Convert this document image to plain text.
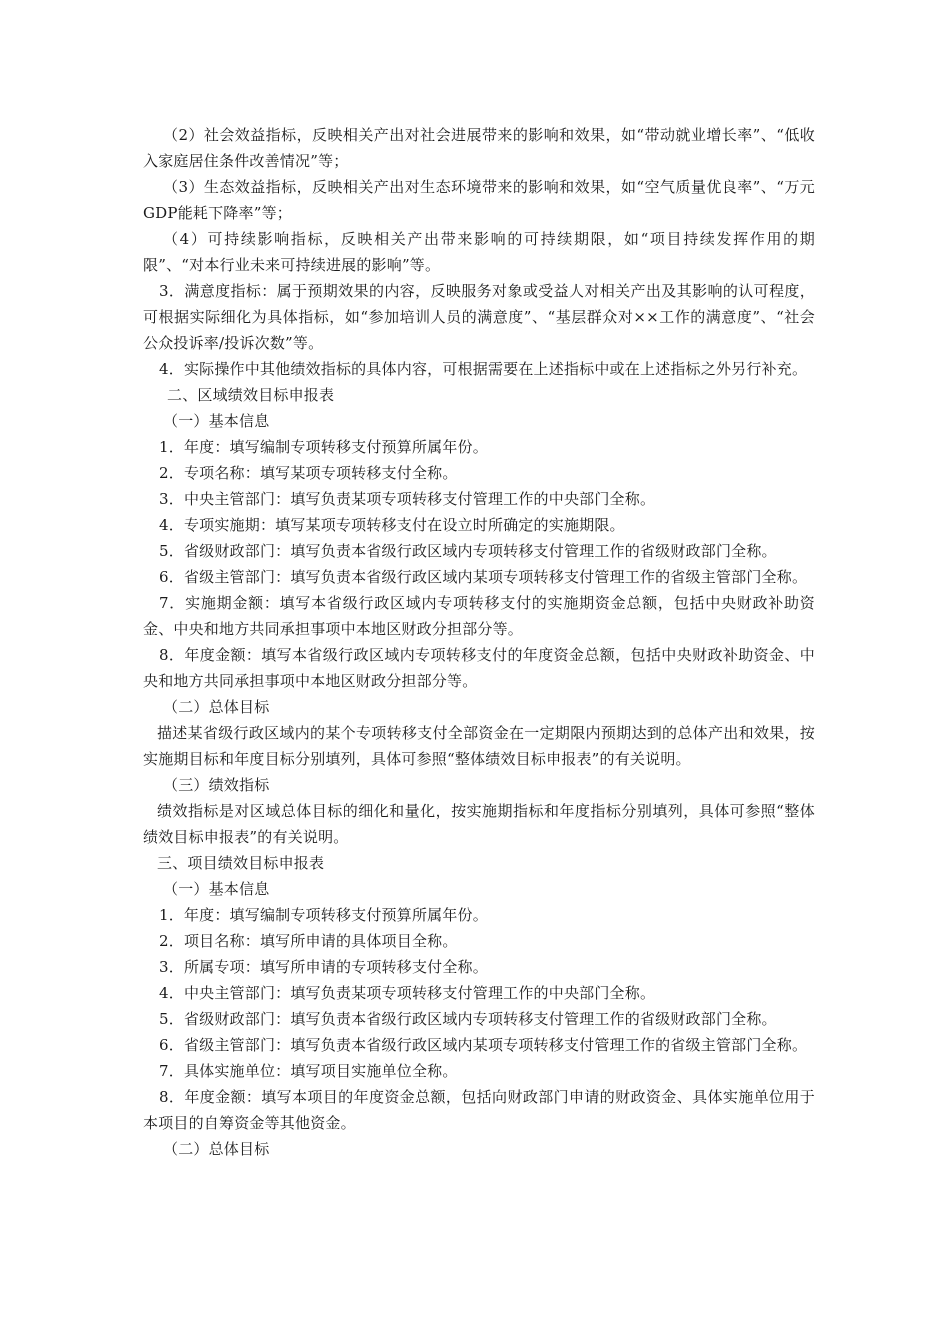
（2）社会效益指标，反映相关产出对社会进展带来的影响和效果，如“带动就业增长率”、“低收入家庭居住条件改善情况”等；

（3）生态效益指标，反映相关产出对生态环境带来的影响和效果，如“空气质量优良率”、“万元GDP能耗下降率”等；

（4）可持续影响指标，反映相关产出带来影响的可持续期限，如“项目持续发挥作用的期限”、“对本行业未来可持续进展的影响”等。

3．满意度指标：属于预期效果的内容，反映服务对象或受益人对相关产出及其影响的认可程度，可根据实际细化为具体指标，如“参加培训人员的满意度”、“基层群众对××工作的满意度”、“社会公众投诉率/投诉次数”等。

4．实际操作中其他绩效指标的具体内容，可根据需要在上述指标中或在上述指标之外另行补充。

二、区域绩效目标申报表

（一）基本信息

1．年度：填写编制专项转移支付预算所属年份。

2．专项名称：填写某项专项转移支付全称。

3．中央主管部门：填写负责某项专项转移支付管理工作的中央部门全称。

4．专项实施期：填写某项专项转移支付在设立时所确定的实施期限。

5．省级财政部门：填写负责本省级行政区域内专项转移支付管理工作的省级财政部门全称。

6．省级主管部门：填写负责本省级行政区域内某项专项转移支付管理工作的省级主管部门全称。

7．实施期金额：填写本省级行政区域内专项转移支付的实施期资金总额，包括中央财政补助资金、中央和地方共同承担事项中本地区财政分担部分等。

8．年度金额：填写本省级行政区域内专项转移支付的年度资金总额，包括中央财政补助资金、中央和地方共同承担事项中本地区财政分担部分等。

（二）总体目标

描述某省级行政区域内的某个专项转移支付全部资金在一定期限内预期达到的总体产出和效果，按实施期目标和年度目标分别填列，具体可参照“整体绩效目标申报表”的有关说明。

（三）绩效指标

绩效指标是对区域总体目标的细化和量化，按实施期指标和年度指标分别填列，具体可参照“整体绩效目标申报表”的有关说明。

三、项目绩效目标申报表

（一）基本信息

1．年度：填写编制专项转移支付预算所属年份。

2．项目名称：填写所申请的具体项目全称。

3．所属专项：填写所申请的专项转移支付全称。

4．中央主管部门：填写负责某项专项转移支付管理工作的中央部门全称。

5．省级财政部门：填写负责本省级行政区域内专项转移支付管理工作的省级财政部门全称。

6．省级主管部门：填写负责本省级行政区域内某项专项转移支付管理工作的省级主管部门全称。

7．具体实施单位：填写项目实施单位全称。

8．年度金额：填写本项目的年度资金总额，包括向财政部门申请的财政资金、具体实施单位用于本项目的自筹资金等其他资金。

（二）总体目标
